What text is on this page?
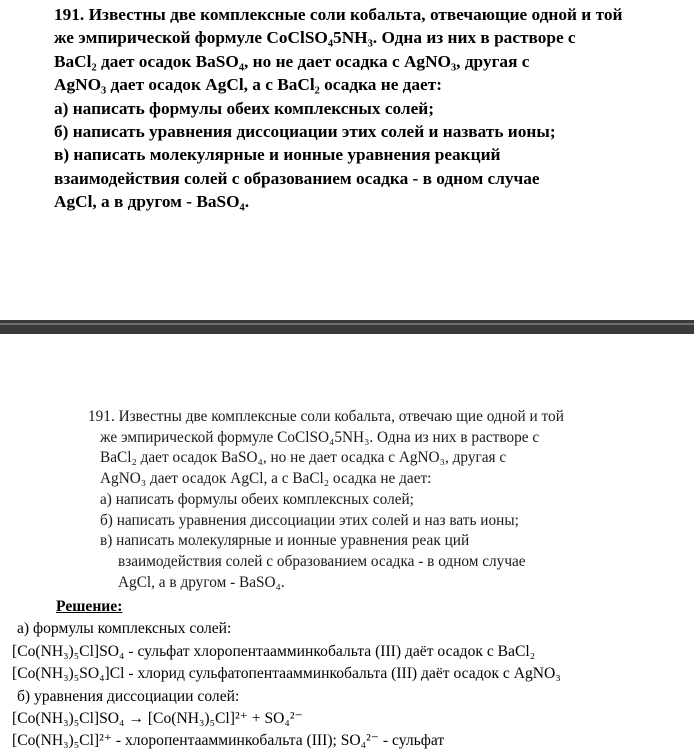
191. Известны две комплексные соли кобальта, отвечающие одной и той
же эмпирической формуле CoClSO₄5NH₃. Одна из них в растворе с
BaCl₂ дает осадок BaSO₄, но не дает осадка с AgNO₃, другая с
AgNO₃ дает осадок AgCl, а с BaCl₂ осадка не дает:
а) написать формулы обеих комплексных солей;
б) написать уравнения диссоциации этих солей и назвать ионы;
в) написать молекулярные и ионные уравнения реакций
взаимодействия солей с образованием осадка - в одном случае
AgCl, а в другом - BaSO₄.
191. Известны две комплексные соли кобальта, отвечаю щие одной и той
же эмпирической формуле CoClSO₄5NH₃. Одна из них в растворе с
BaCl₂ дает осадок BaSO₄, но не дает осадка с AgNO₃, другая с
AgNO₃ дает осадок AgCl, а с BaCl₂ осадка не дает:
а) написать формулы обеих комплексных солей;
б) написать уравнения диссоциации этих солей и наз вать ионы;
в) написать молекулярные и ионные уравнения реак ций
взаимодействия солей с образованием осадка - в одном случае
AgCl, а в другом - BaSO₄.
Решение:
а) формулы комплексных солей:
[Co(NH₃)₅Cl]SO₄ - сульфат хлоропентаамминкобальта (III) даёт осадок с BaCl₂
[Co(NH₃)₅SO₄]Cl - хлорид сульфатопентаамминкобальта (III) даёт осадок с AgNO₃
б) уравнения диссоциации солей:
[Co(NH₃)₅Cl]SO₄ → [Co(NH₃)₅Cl]²⁺ + SO₄²⁻
[Co(NH₃)₅Cl]²⁺ - хлоропентаамминкобальта (III); SO₄²⁻ - сульфат
